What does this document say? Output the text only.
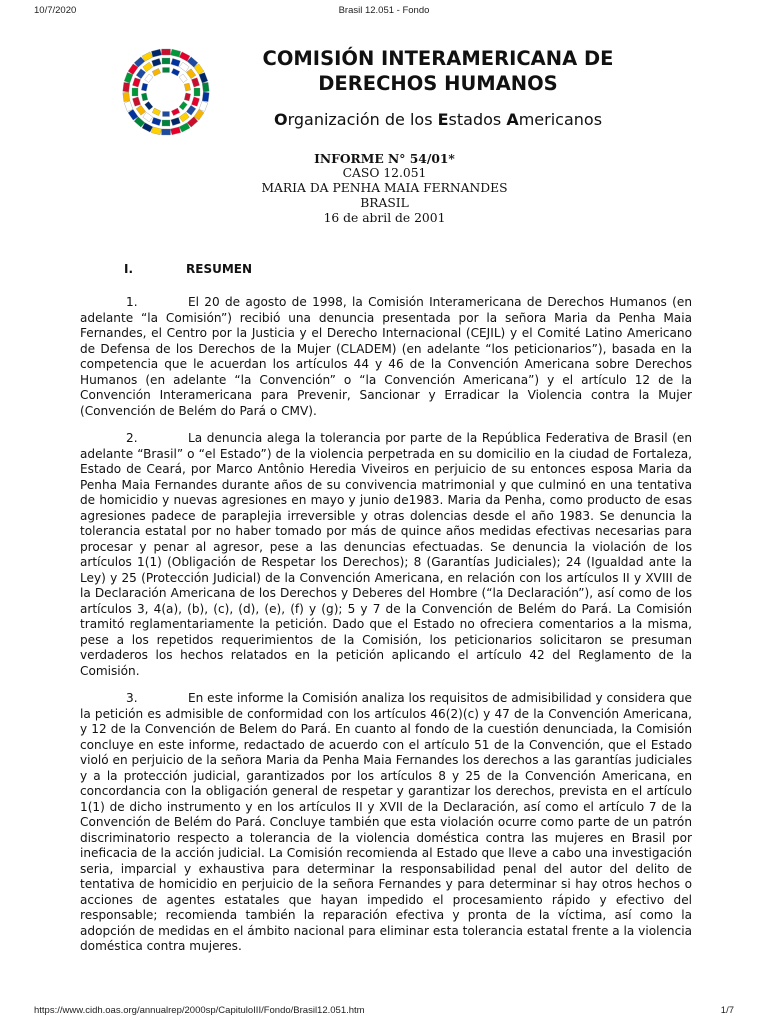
10/7/2020	Brasil 12.051 - Fondo
COMISIÓN INTERAMERICANA DE
DERECHOS HUMANOS
Organización de los Estados Americanos
INFORME N° 54/01*
CASO 12.051
MARIA DA PENHA MAIA FERNANDES
BRASIL
16 de abril de 2001
I.	RESUMEN

1.	El 20 de agosto de 1998, la Comisión Interamericana de Derechos Humanos (en adelante “la Comisión”) recibió una denuncia presentada por la señora Maria da Penha Maia Fernandes, el Centro por la Justicia y el Derecho Internacional (CEJIL) y el Comité Latino Americano de Defensa de los Derechos de la Mujer (CLADEM) (en adelante “los peticionarios”), basada en la competencia que le acuerdan los artículos 44 y 46 de la Convención Americana sobre Derechos Humanos (en adelante “la Convención” o “la Convención Americana”) y el artículo 12 de la Convención Interamericana para Prevenir, Sancionar y Erradicar la Violencia contra la Mujer (Convención de Belém do Pará o CMV).

2.	La denuncia alega la tolerancia por parte de la República Federativa de Brasil (en adelante “Brasil” o “el Estado”) de la violencia perpetrada en su domicilio en la ciudad de Fortaleza, Estado de Ceará, por Marco Antônio Heredia Viveiros en perjuicio de su entonces esposa Maria da Penha Maia Fernandes durante años de su convivencia matrimonial y que culminó en una tentativa de homicidio y nuevas agresiones en mayo y junio de1983. Maria da Penha, como producto de esas agresiones padece de paraplejia irreversible y otras dolencias desde el año 1983. Se denuncia la tolerancia estatal por no haber tomado por más de quince años medidas efectivas necesarias para procesar y penar al agresor, pese a las denuncias efectuadas. Se denuncia la violación de los artículos 1(1) (Obligación de Respetar los Derechos); 8 (Garantías Judiciales); 24 (Igualdad ante la Ley) y 25 (Protección Judicial) de la Convención Americana, en relación con los artículos II y XVIII de la Declaración Americana de los Derechos y Deberes del Hombre (“la Declaración”), así como de los artículos 3, 4(a), (b), (c), (d), (e), (f) y (g); 5 y 7 de la Convención de Belém do Pará. La Comisión tramitó reglamentariamente la petición. Dado que el Estado no ofreciera comentarios a la misma, pese a los repetidos requerimientos de la Comisión, los peticionarios solicitaron se presuman verdaderos los hechos relatados en la petición aplicando el artículo 42 del Reglamento de la Comisión.

3.	En este informe la Comisión analiza los requisitos de admisibilidad y considera que la petición es admisible de conformidad con los artículos 46(2)(c) y 47 de la Convención Americana, y 12 de la Convención de Belem do Pará. En cuanto al fondo de la cuestión denunciada, la Comisión concluye en este informe, redactado de acuerdo con el artículo 51 de la Convención, que el Estado violó en perjuicio de la señora Maria da Penha Maia Fernandes los derechos a las garantías judiciales y a la protección judicial, garantizados por los artículos 8 y 25 de la Convención Americana, en concordancia con la obligación general de respetar y garantizar los derechos, prevista en el artículo 1(1) de dicho instrumento y en los artículos II y XVII de la Declaración, así como el artículo 7 de la Convención de Belém do Pará. Concluye también que esta violación ocurre como parte de un patrón discriminatorio respecto a tolerancia de la violencia doméstica contra las mujeres en Brasil por ineficacia de la acción judicial. La Comisión recomienda al Estado que lleve a cabo una investigación seria, imparcial y exhaustiva para determinar la responsabilidad penal del autor del delito de tentativa de homicidio en perjuicio de la señora Fernandes y para determinar si hay otros hechos o acciones de agentes estatales que hayan impedido el procesamiento rápido y efectivo del responsable; recomienda también la reparación efectiva y pronta de la víctima, así como la adopción de medidas en el ámbito nacional para eliminar esta tolerancia estatal frente a la violencia doméstica contra mujeres.

https://www.cidh.oas.org/annualrep/2000sp/CapituloIII/Fondo/Brasil12.051.htm	1/7
